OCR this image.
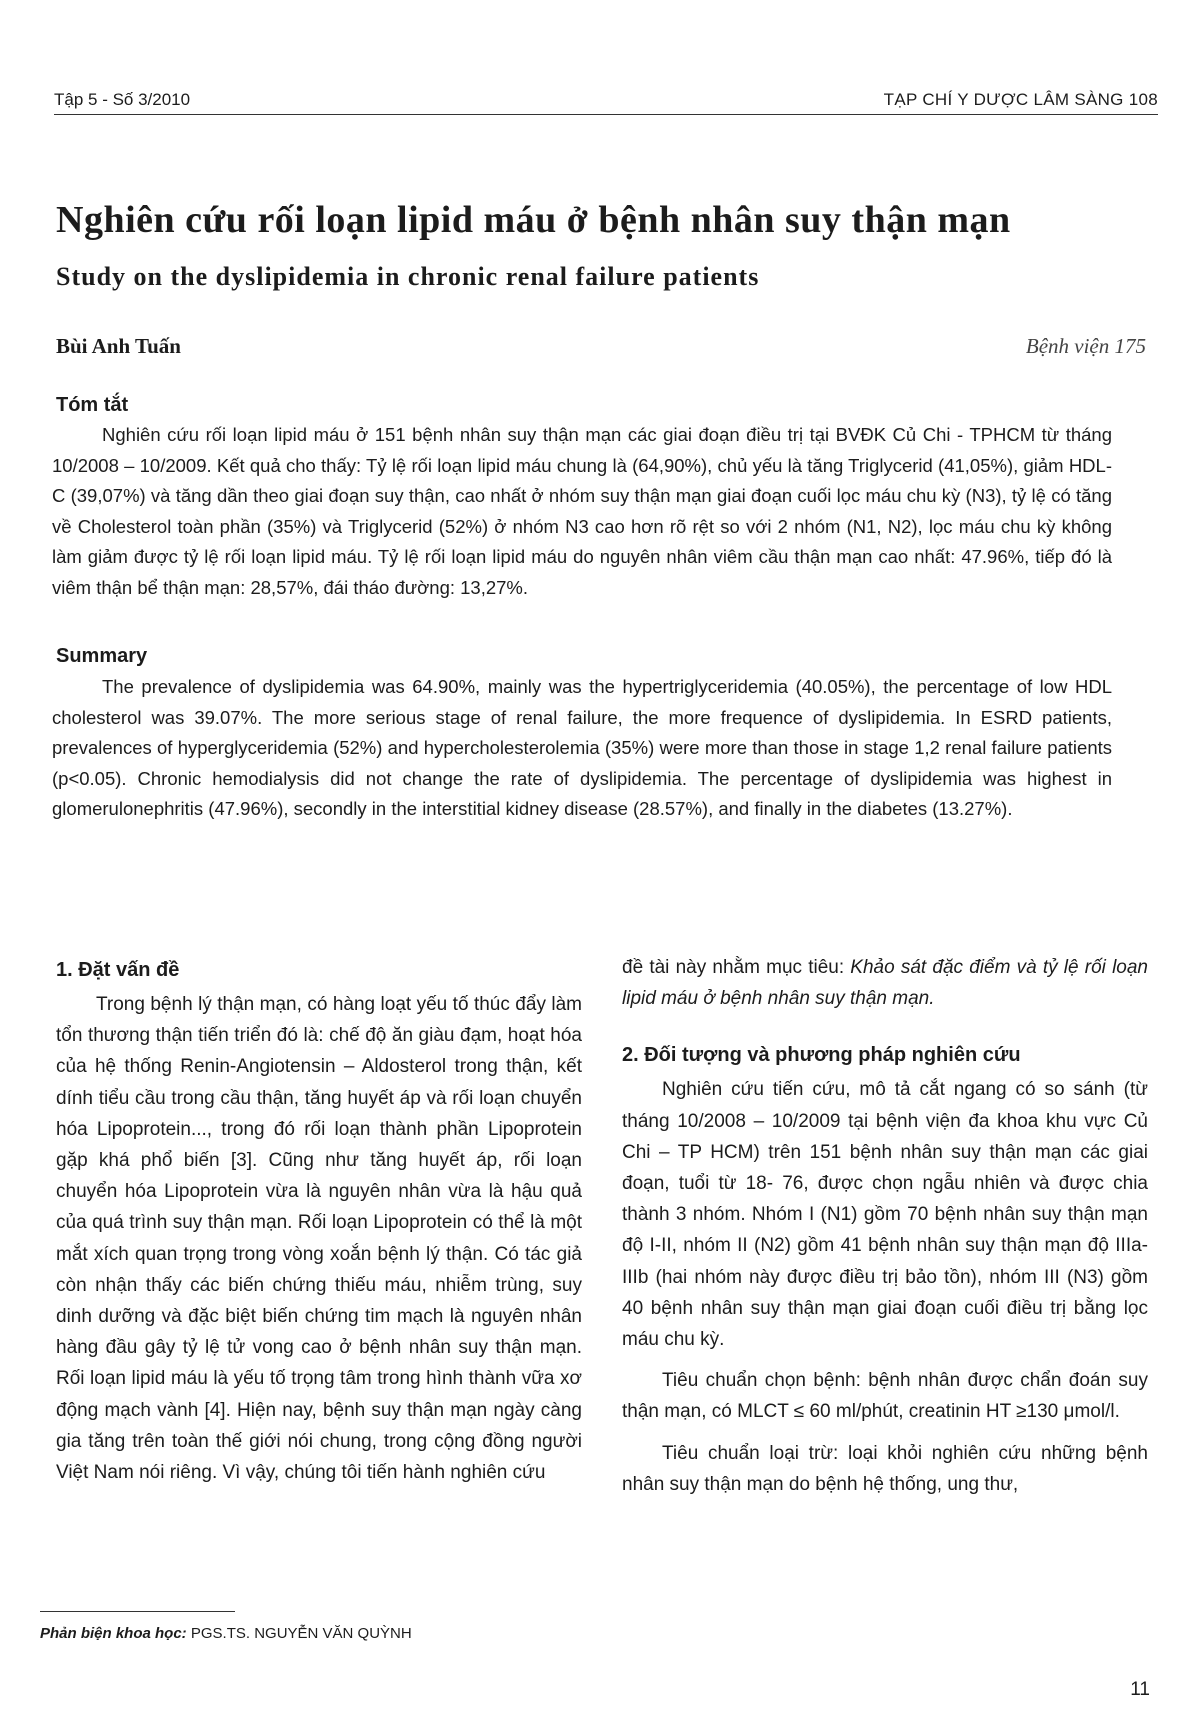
Tập 5 - Số 3/2010	TẠP CHÍ Y DƯỢC LÂM SÀNG 108
Nghiên cứu rối loạn lipid máu ở bệnh nhân suy thận mạn
Study on the dyslipidemia in chronic renal failure patients
Bùi Anh Tuấn	Bệnh viện 175
Tóm tắt

Nghiên cứu rối loạn lipid máu ở 151 bệnh nhân suy thận mạn các giai đoạn điều trị tại BVĐK Củ Chi - TPHCM từ tháng 10/2008 – 10/2009. Kết quả cho thấy: Tỷ lệ rối loạn lipid máu chung là (64,90%), chủ yếu là tăng Triglycerid (41,05%), giảm HDL-C (39,07%) và tăng dần theo giai đoạn suy thận, cao nhất ở nhóm suy thận mạn giai đoạn cuối lọc máu chu kỳ (N3), tỷ lệ có tăng về Cholesterol toàn phần (35%) và Triglycerid (52%) ở nhóm N3 cao hơn rõ rệt so với 2 nhóm (N1, N2), lọc máu chu kỳ không làm giảm được tỷ lệ rối loạn lipid máu. Tỷ lệ rối loạn lipid máu do nguyên nhân viêm cầu thận mạn cao nhất: 47.96%, tiếp đó là viêm thận bể thận mạn: 28,57%, đái tháo đường: 13,27%.

Summary

The prevalence of dyslipidemia was 64.90%, mainly was the hypertriglyceridemia (40.05%), the percentage of low HDL cholesterol was 39.07%. The more serious stage of renal failure, the more frequence of dyslipidemia. In ESRD patients, prevalences of hyperglyceridemia (52%) and hypercholesterolemia (35%) were more than those in stage 1,2 renal failure patients (p<0.05). Chronic hemodialysis did not change the rate of dyslipidemia. The percentage of dyslipidemia was highest in glomerulonephritis (47.96%), secondly in the interstitial kidney disease (28.57%), and finally in the diabetes (13.27%).

1. Đặt vấn đề

Trong bệnh lý thận mạn, có hàng loạt yếu tố thúc đẩy làm tổn thương thận tiến triển đó là: chế độ ăn giàu đạm, hoạt hóa của hệ thống Renin-Angiotensin – Aldosterol trong thận, kết dính tiểu cầu trong cầu thận, tăng huyết áp và rối loạn chuyển hóa Lipoprotein..., trong đó rối loạn thành phần Lipoprotein gặp khá phổ biến [3]. Cũng như tăng huyết áp, rối loạn chuyển hóa Lipoprotein vừa là nguyên nhân vừa là hậu quả của quá trình suy thận mạn. Rối loạn Lipoprotein có thể là một mắt xích quan trọng trong vòng xoắn bệnh lý thận. Có tác giả còn nhận thấy các biến chứng thiếu máu, nhiễm trùng, suy dinh dưỡng và đặc biệt biến chứng tim mạch là nguyên nhân hàng đầu gây tỷ lệ tử vong cao ở bệnh nhân suy thận mạn. Rối loạn lipid máu là yếu tố trọng tâm trong hình thành vữa xơ động mạch vành [4]. Hiện nay, bệnh suy thận mạn ngày càng gia tăng trên toàn thế giới nói chung, trong cộng đồng người Việt Nam nói riêng. Vì vậy, chúng tôi tiến hành nghiên cứu

đề tài này nhằm mục tiêu: Khảo sát đặc điểm và tỷ lệ rối loạn lipid máu ở bệnh nhân suy thận mạn.

2. Đối tượng và phương pháp nghiên cứu

Nghiên cứu tiến cứu, mô tả cắt ngang có so sánh (từ tháng 10/2008 – 10/2009 tại bệnh viện đa khoa khu vực Củ Chi – TP HCM) trên 151 bệnh nhân suy thận mạn các giai đoạn, tuổi từ 18- 76, được chọn ngẫu nhiên và được chia thành 3 nhóm. Nhóm I (N1) gồm 70 bệnh nhân suy thận mạn độ I-II, nhóm II (N2) gồm 41 bệnh nhân suy thận mạn độ IIIa-IIIb (hai nhóm này được điều trị bảo tồn), nhóm III (N3) gồm 40 bệnh nhân suy thận mạn giai đoạn cuối điều trị bằng lọc máu chu kỳ.

Tiêu chuẩn chọn bệnh: bệnh nhân được chẩn đoán suy thận mạn, có MLCT ≤ 60 ml/phút, creatinin HT ≥130 μmol/l.

Tiêu chuẩn loại trừ: loại khỏi nghiên cứu những bệnh nhân suy thận mạn do bệnh hệ thống, ung thư,

Phản biện khoa học: PGS.TS. NGUYỄN VĂN QUỲNH
11
